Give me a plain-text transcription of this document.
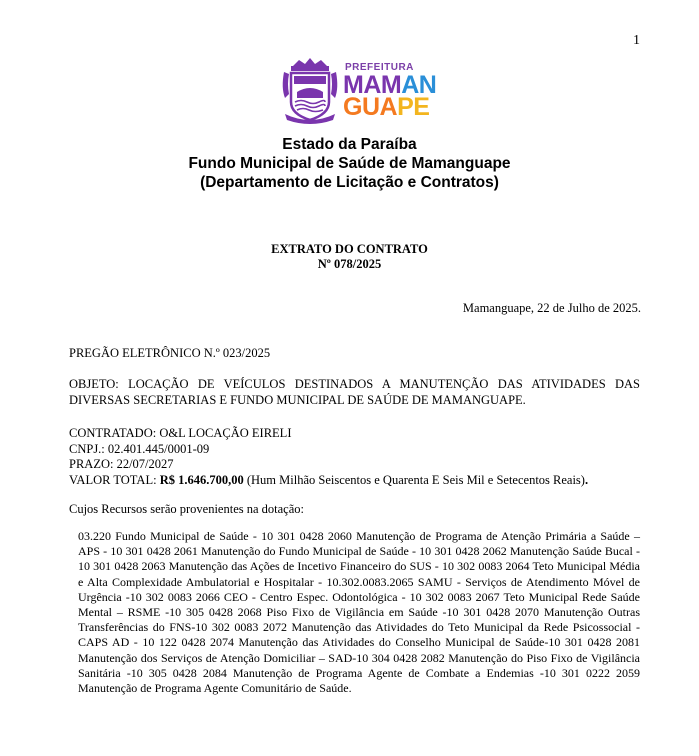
1
PREFEITURA
MAMAN
GUAPE
Estado da Paraíba
Fundo Municipal de Saúde de Mamanguape
(Departamento de Licitação e Contratos)
EXTRATO DO CONTRATO
Nº 078/2025
Mamanguape, 22 de Julho de 2025.
PREGÃO ELETRÔNICO N.º 023/2025
OBJETO: LOCAÇÃO DE VEÍCULOS DESTINADOS A MANUTENÇÃO DAS ATIVIDADES DAS DIVERSAS SECRETARIAS E FUNDO MUNICIPAL DE SAÚDE DE MAMANGUAPE.
CONTRATADO: O&L LOCAÇÃO EIRELI
CNPJ.: 02.401.445/0001-09
PRAZO: 22/07/2027
VALOR TOTAL: R$ 1.646.700,00 (Hum Milhão Seiscentos e Quarenta E Seis Mil e Setecentos Reais).
Cujos Recursos serão provenientes na dotação:
03.220 Fundo Municipal de Saúde - 10 301 0428 2060 Manutenção de Programa de Atenção Primária a Saúde – APS - 10 301 0428 2061 Manutenção do Fundo Municipal de Saúde - 10 301 0428 2062 Manutenção Saúde Bucal - 10 301 0428 2063 Manutenção das Ações de Incetivo Financeiro do SUS - 10 302 0083 2064 Teto Municipal Média e Alta Complexidade Ambulatorial e Hospitalar - 10.302.0083.2065 SAMU - Serviços de Atendimento Móvel de Urgência -10 302 0083 2066 CEO - Centro Espec. Odontológica - 10 302 0083 2067 Teto Municipal Rede Saúde Mental – RSME -10 305 0428 2068 Piso Fixo de Vigilância em Saúde -10 301 0428 2070 Manutenção Outras Transferências do FNS-10 302 0083 2072 Manutenção das Atividades do Teto Municipal da Rede Psicossocial - CAPS AD - 10 122 0428 2074 Manutenção das Atividades do Conselho Municipal de Saúde-10 301 0428 2081 Manutenção dos Serviços de Atenção Domiciliar – SAD-10 304 0428 2082 Manutenção do Piso Fixo de Vigilância Sanitária -10 305 0428 2084 Manutenção de Programa Agente de Combate a Endemias -10 301 0222 2059 Manutenção de Programa Agente Comunitário de Saúde.
